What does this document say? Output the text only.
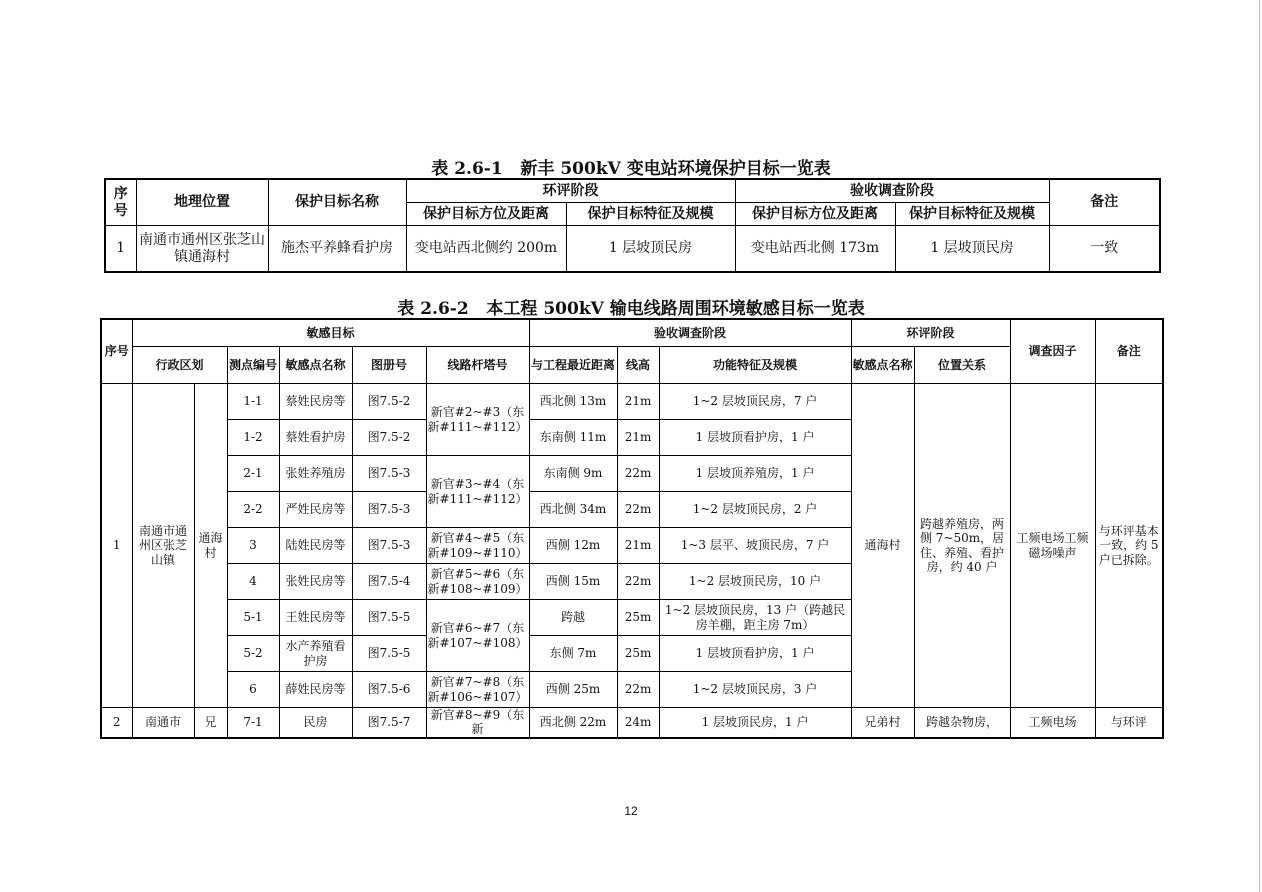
表 2.6-1   新丰 500kV 变电站环境保护目标一览表
序号	地理位置	保护目标名称	环评阶段		验收调查阶段		备注
			保护目标方位及距离	保护目标特征及规模	保护目标方位及距离	保护目标特征及规模	
1	南通市通州区张芝山镇通海村	施杰平养蜂看护房	变电站西北侧约 200m	1 层坡顶民房	变电站西北侧 173m	1 层坡顶民房	一致
表 2.6-2   本工程 500kV 输电线路周围环境敏感目标一览表
序号	敏感目标						验收调查阶段			环评阶段		调查因子	备注
	行政区划		测点编号	敏感点名称	图册号	线路杆塔号	与工程最近距离	线高	功能特征及规模	敏感点名称	位置关系		
1	南通市通州区张芝山镇	通海村	1-1	蔡姓民房等	图7.5-2	新官#2~#3（东新#111~#112）	西北侧 13m	21m	1~2 层坡顶民房，7 户	通海村	跨越养殖房，两侧 7~50m，居住、养殖、看护房，约 40 户	工频电场工频磁场噪声	与环评基本一致，约 5 户已拆除。
			1-2	蔡姓看护房	图7.5-2		东南侧 11m	21m	1 层坡顶看护房，1 户				
			2-1	张姓养殖房	图7.5-3	新官#3~#4（东新#111~#112）	东南侧 9m	22m	1 层坡顶养殖房，1 户				
			2-2	严姓民房等	图7.5-3		西北侧 34m	22m	1~2 层坡顶民房，2 户				
			3	陆姓民房等	图7.5-3	新官#4~#5（东新#109~#110）	西侧 12m	21m	1~3 层平、坡顶民房，7 户				
			4	张姓民房等	图7.5-4	新官#5~#6（东新#108~#109）	西侧 15m	22m	1~2 层坡顶民房，10 户				
			5-1	王姓民房等	图7.5-5	新官#6~#7（东新#107~#108）	跨越	25m	1~2 层坡顶民房，13 户（跨越民房羊棚，距主房 7m）				
			5-2	水产养殖看护房	图7.5-5		东侧 7m	25m	1 层坡顶看护房，1 户				
			6	薛姓民房等	图7.5-6	新官#7~#8（东新#106~#107）	西侧 25m	22m	1~2 层坡顶民房，3 户				
2	南通市	兄	7-1	民房	图7.5-7	新官#8~#9（东新	西北侧 22m	24m	1 层坡顶民房，1 户	兄弟村	跨越杂物房，	工频电场	与环评
12
